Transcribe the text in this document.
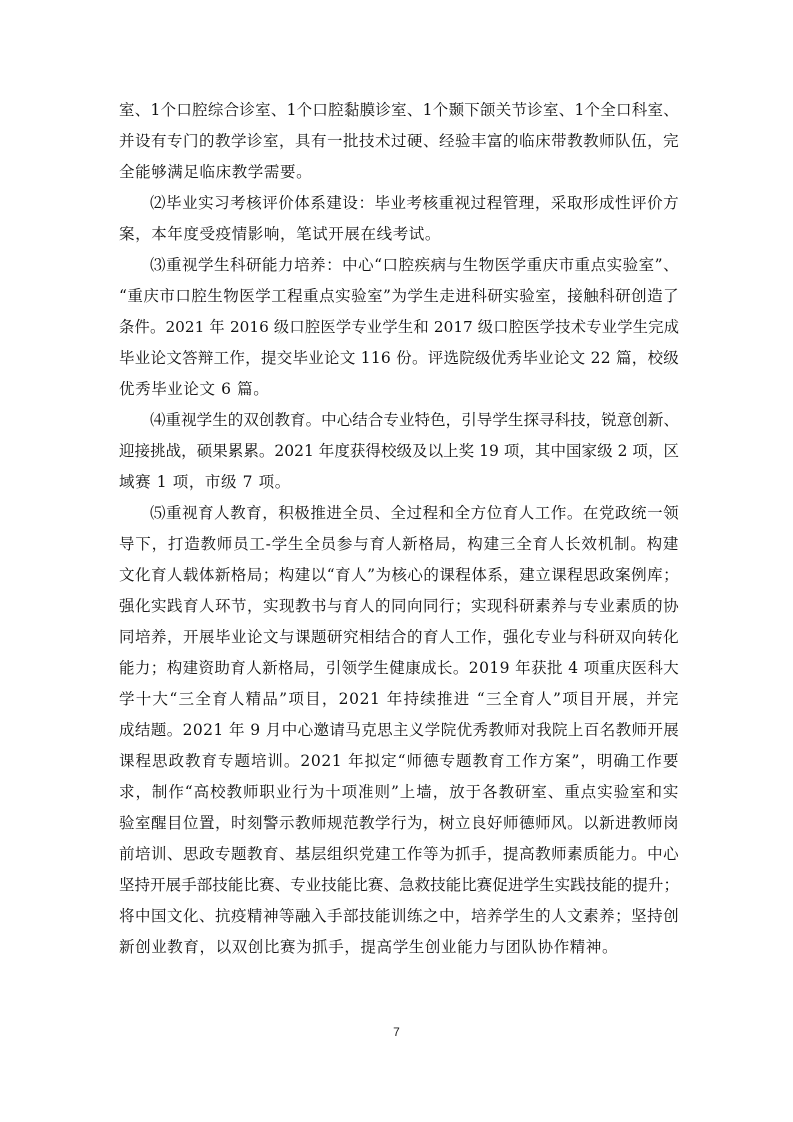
室、1个口腔综合诊室、1个口腔黏膜诊室、1个颞下颌关节诊室、1个全口科室、

并设有专门的教学诊室，具有一批技术过硬、经验丰富的临床带教教师队伍，完

全能够满足临床教学需要。

⑵毕业实习考核评价体系建设：毕业考核重视过程管理，采取形成性评价方

案，本年度受疫情影响，笔试开展在线考试。

⑶重视学生科研能力培养：中心“口腔疾病与生物医学重庆市重点实验室”、

“重庆市口腔生物医学工程重点实验室”为学生走进科研实验室，接触科研创造了

条件。2021 年 2016 级口腔医学专业学生和 2017 级口腔医学技术专业学生完成

毕业论文答辩工作，提交毕业论文 116 份。评选院级优秀毕业论文 22 篇，校级

优秀毕业论文 6 篇。

⑷重视学生的双创教育。中心结合专业特色，引导学生探寻科技，锐意创新、

迎接挑战，硕果累累。2021 年度获得校级及以上奖 19 项，其中国家级 2 项，区

域赛 1 项，市级 7 项。

⑸重视育人教育，积极推进全员、全过程和全方位育人工作。在党政统一领

导下，打造教师员工-学生全员参与育人新格局，构建三全育人长效机制。构建

文化育人载体新格局；构建以“育人”为核心的课程体系，建立课程思政案例库；

强化实践育人环节，实现教书与育人的同向同行；实现科研素养与专业素质的协

同培养，开展毕业论文与课题研究相结合的育人工作，强化专业与科研双向转化

能力；构建资助育人新格局，引领学生健康成长。2019 年获批 4 项重庆医科大

学十大“三全育人精品”项目，2021 年持续推进 “三全育人”项目开展，并完

成结题。2021 年 9 月中心邀请马克思主义学院优秀教师对我院上百名教师开展

课程思政教育专题培训。2021 年拟定“师德专题教育工作方案”，明确工作要

求，制作“高校教师职业行为十项准则”上墙，放于各教研室、重点实验室和实

验室醒目位置，时刻警示教师规范教学行为，树立良好师德师风。以新进教师岗

前培训、思政专题教育、基层组织党建工作等为抓手，提高教师素质能力。中心

坚持开展手部技能比赛、专业技能比赛、急救技能比赛促进学生实践技能的提升；

将中国文化、抗疫精神等融入手部技能训练之中，培养学生的人文素养；坚持创

新创业教育，以双创比赛为抓手，提高学生创业能力与团队协作精神。

7
